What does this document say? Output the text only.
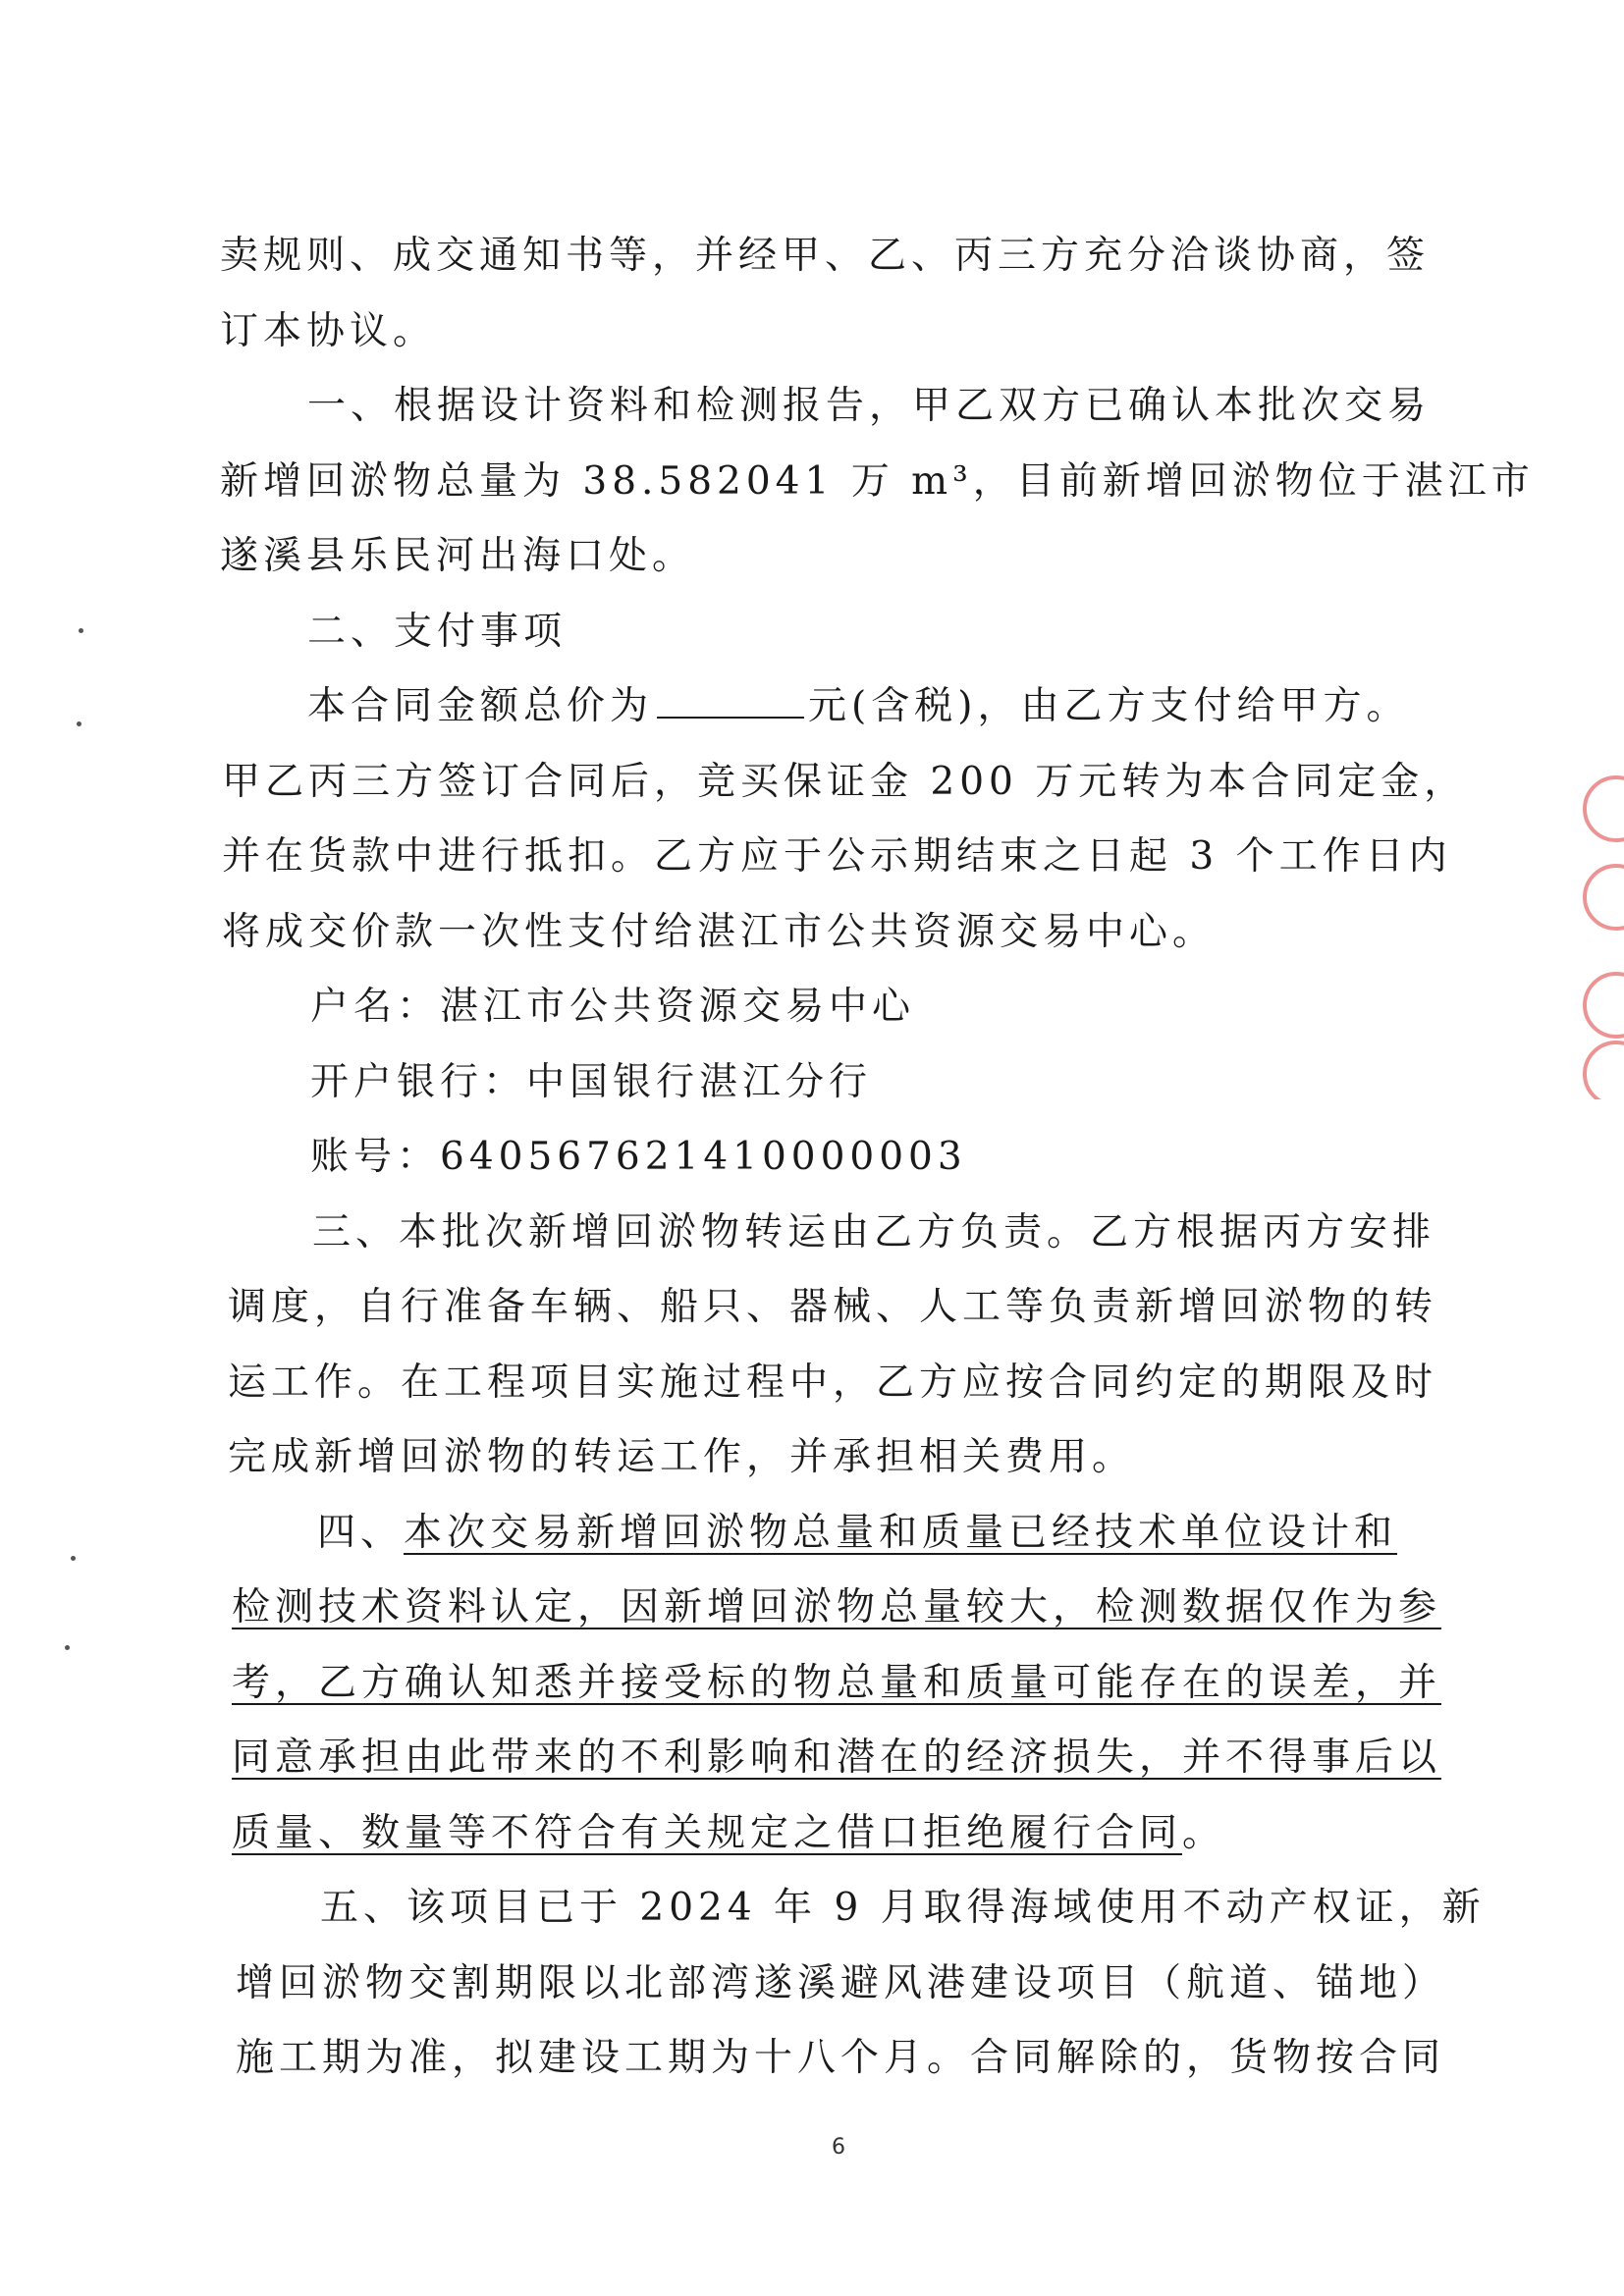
卖规则、成交通知书等，并经甲、乙、丙三方充分洽谈协商，签
订本协议。
一、根据设计资料和检测报告，甲乙双方已确认本批次交易
新增回淤物总量为 38.582041 万 m³，目前新增回淤物位于湛江市
遂溪县乐民河出海口处。
二、支付事项
本合同金额总价为	元(含税)，由乙方支付给甲方。
甲乙丙三方签订合同后，竞买保证金 200 万元转为本合同定金，
并在货款中进行抵扣。乙方应于公示期结束之日起 3 个工作日内
将成交价款一次性支付给湛江市公共资源交易中心。
户名：湛江市公共资源交易中心
开户银行：中国银行湛江分行
账号：640567621410000003
三、本批次新增回淤物转运由乙方负责。乙方根据丙方安排
调度，自行准备车辆、船只、器械、人工等负责新增回淤物的转
运工作。在工程项目实施过程中，乙方应按合同约定的期限及时
完成新增回淤物的转运工作，并承担相关费用。
四、本次交易新增回淤物总量和质量已经技术单位设计和
检测技术资料认定，因新增回淤物总量较大，检测数据仅作为参
考，乙方确认知悉并接受标的物总量和质量可能存在的误差，并
同意承担由此带来的不利影响和潜在的经济损失，并不得事后以
质量、数量等不符合有关规定之借口拒绝履行合同。
五、该项目已于 2024 年 9 月取得海域使用不动产权证，新
增回淤物交割期限以北部湾遂溪避风港建设项目（航道、锚地）
施工期为准，拟建设工期为十八个月。合同解除的，货物按合同
6
